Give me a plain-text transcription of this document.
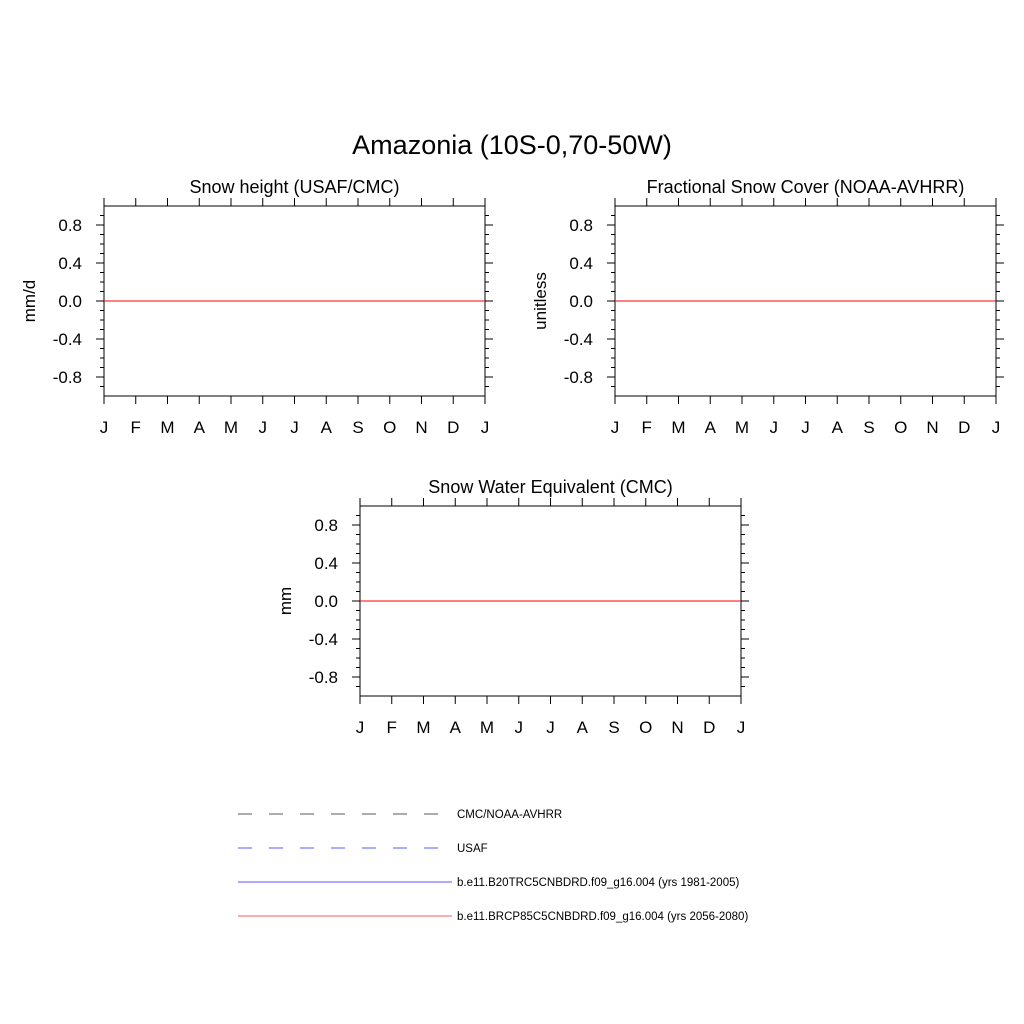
Amazonia (10S-0,70-50W)
Snow height (USAF/CMC)
0.8
0.4
0.0
-0.4
-0.8
mm/d
J F M A M J J A S O N D J
Fractional Snow Cover (NOAA-AVHRR)
0.8
0.4
0.0
-0.4
-0.8
unitless
J F M A M J J A S O N D J
Snow Water Equivalent (CMC)
0.8
0.4
0.0
-0.4
-0.8
mm
J F M A M J J A S O N D J
CMC/NOAA-AVHRR
USAF
b.e11.B20TRC5CNBDRD.f09_g16.004 (yrs 1981-2005)
b.e11.BRCP85C5CNBDRD.f09_g16.004 (yrs 2056-2080)
